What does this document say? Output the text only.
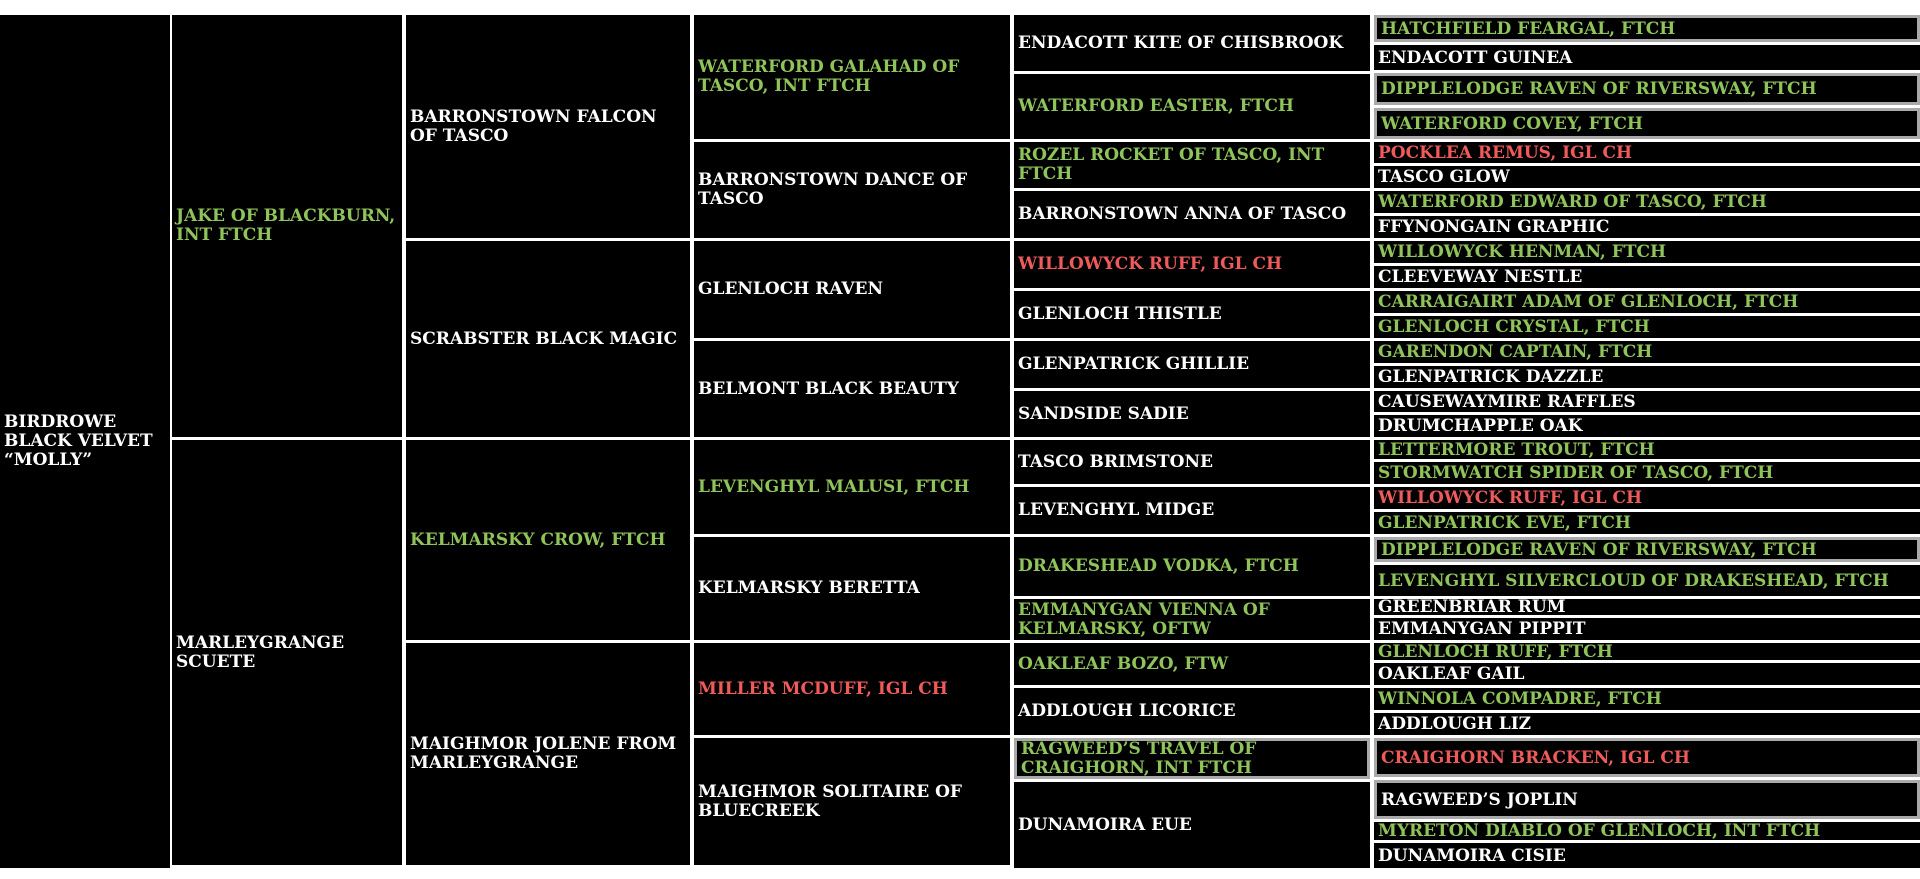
BIRDROWE BLACK VELVET “MOLLY”
JAKE OF BLACKBURN, INT FTCH
MARLEYGRANGE SCUETE
BARRONSTOWN FALCON OF TASCO
SCRABSTER BLACK MAGIC
KELMARSKY CROW, FTCH
MAIGHMOR JOLENE FROM MARLEYGRANGE
WATERFORD GALAHAD OF TASCO, INT FTCH
BARRONSTOWN DANCE OF TASCO
GLENLOCH RAVEN
BELMONT BLACK BEAUTY
LEVENGHYL MALUSI, FTCH
KELMARSKY BERETTA
MILLER MCDUFF, IGL CH
MAIGHMOR SOLITAIRE OF BLUECREEK
ENDACOTT KITE OF CHISBROOK
WATERFORD EASTER, FTCH
ROZEL ROCKET OF TASCO, INT FTCH
BARRONSTOWN ANNA OF TASCO
WILLOWYCK RUFF, IGL CH
GLENLOCH THISTLE
GLENPATRICK GHILLIE
SANDSIDE SADIE
TASCO BRIMSTONE
LEVENGHYL MIDGE
DRAKESHEAD VODKA, FTCH
EMMANYGAN VIENNA OF KELMARSKY, OFTW
OAKLEAF BOZO, FTW
ADDLOUGH LICORICE
RAGWEED’S TRAVEL OF CRAIGHORN, INT FTCH
DUNAMOIRA EUE
HATCHFIELD FEARGAL, FTCH
ENDACOTT GUINEA
DIPPLELODGE RAVEN OF RIVERSWAY, FTCH
WATERFORD COVEY, FTCH
POCKLEA REMUS, IGL CH
TASCO GLOW
WATERFORD EDWARD OF TASCO, FTCH
FFYNONGAIN GRAPHIC
WILLOWYCK HENMAN, FTCH
CLEEVEWAY NESTLE
CARRAIGAIRT ADAM OF GLENLOCH, FTCH
GLENLOCH CRYSTAL, FTCH
GARENDON CAPTAIN, FTCH
GLENPATRICK DAZZLE
CAUSEWAYMIRE RAFFLES
DRUMCHAPPLE OAK
LETTERMORE TROUT, FTCH
STORMWATCH SPIDER OF TASCO, FTCH
WILLOWYCK RUFF, IGL CH
GLENPATRICK EVE, FTCH
DIPPLELODGE RAVEN OF RIVERSWAY, FTCH
LEVENGHYL SILVERCLOUD OF DRAKESHEAD, FTCH
GREENBRIAR RUM
EMMANYGAN PIPPIT
GLENLOCH RUFF, FTCH
OAKLEAF GAIL
WINNOLA COMPADRE, FTCH
ADDLOUGH LIZ
CRAIGHORN BRACKEN, IGL CH
RAGWEED’S JOPLIN
MYRETON DIABLO OF GLENLOCH, INT FTCH
DUNAMOIRA CISIE
